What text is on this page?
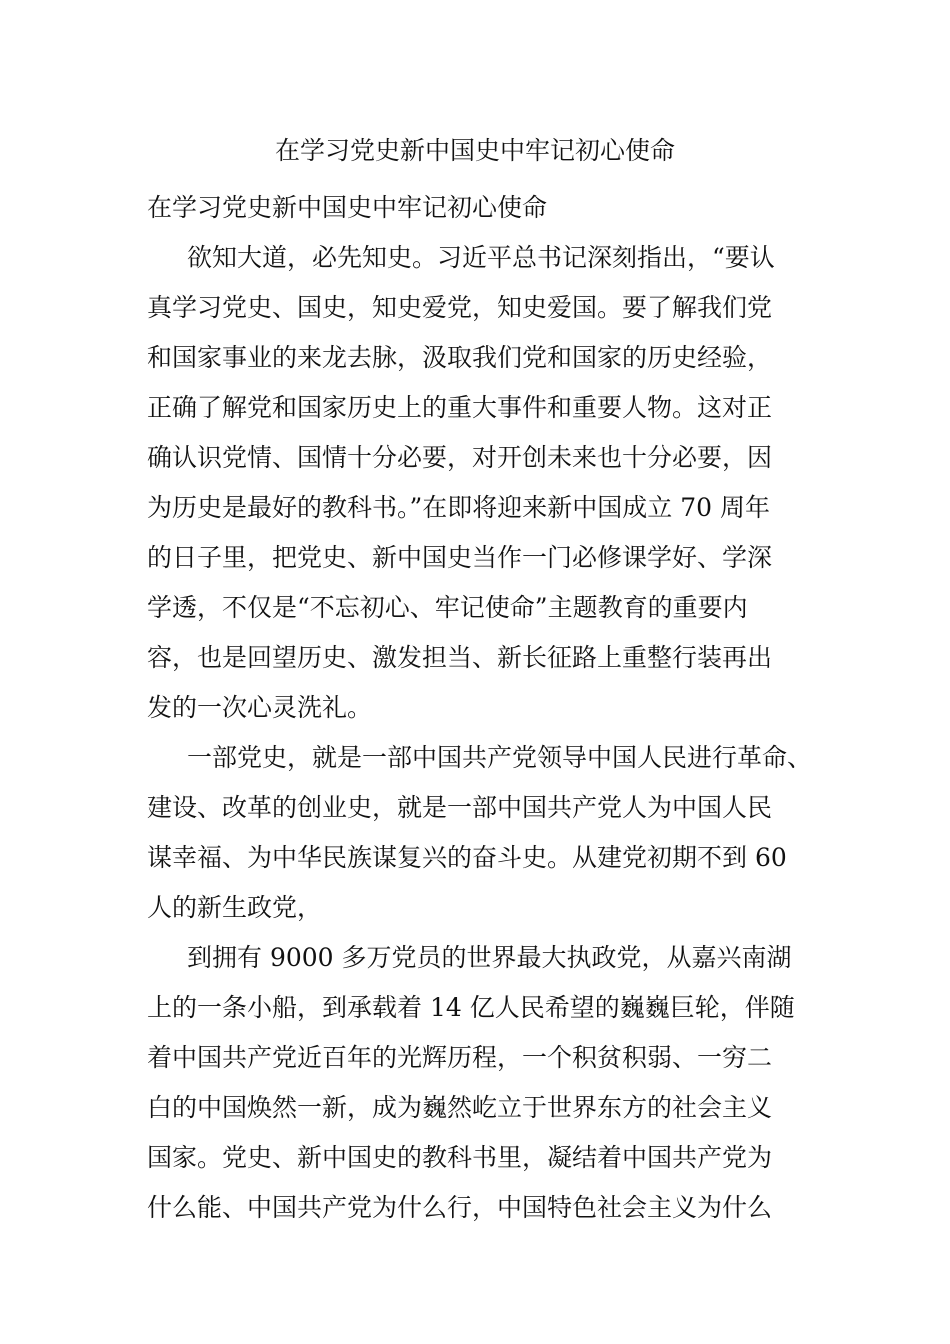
在学习党史新中国史中牢记初心使命
在学习党史新中国史中牢记初心使命
欲知大道，必先知史。习近平总书记深刻指出，“要认
真学习党史、国史，知史爱党，知史爱国。要了解我们党
和国家事业的来龙去脉，汲取我们党和国家的历史经验，
正确了解党和国家历史上的重大事件和重要人物。这对正
确认识党情、国情十分必要，对开创未来也十分必要，因
为历史是最好的教科书。”在即将迎来新中国成立 70 周年
的日子里，把党史、新中国史当作一门必修课学好、学深
学透，不仅是“不忘初心、牢记使命”主题教育的重要内
容，也是回望历史、激发担当、新长征路上重整行装再出
发的一次心灵洗礼。
一部党史，就是一部中国共产党领导中国人民进行革命、
建设、改革的创业史，就是一部中国共产党人为中国人民
谋幸福、为中华民族谋复兴的奋斗史。从建党初期不到 60
人的新生政党，
到拥有 9000 多万党员的世界最大执政党，从嘉兴南湖
上的一条小船，到承载着 14 亿人民希望的巍巍巨轮，伴随
着中国共产党近百年的光辉历程，一个积贫积弱、一穷二
白的中国焕然一新，成为巍然屹立于世界东方的社会主义
国家。党史、新中国史的教科书里，凝结着中国共产党为
什么能、中国共产党为什么行，中国特色社会主义为什么
